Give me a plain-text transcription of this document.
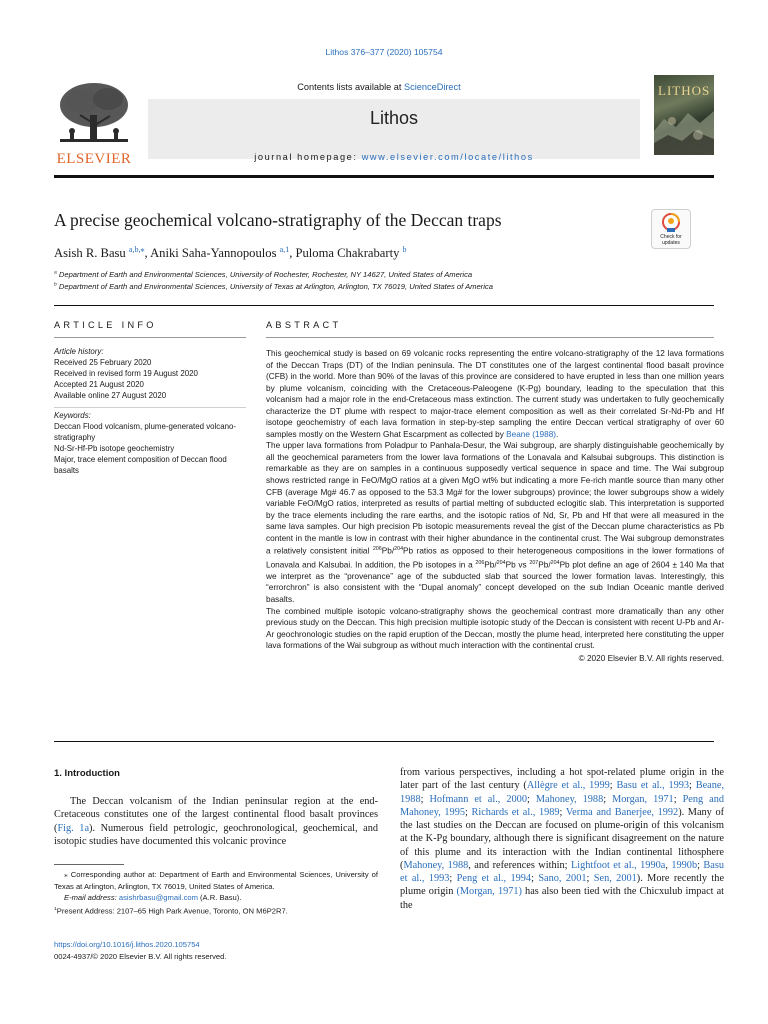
Lithos 376–377 (2020) 105754
ELSEVIER
Contents lists available at ScienceDirect
Lithos
journal homepage: www.elsevier.com/locate/lithos
LITHOS
A precise geochemical volcano-stratigraphy of the Deccan traps
Check for updates
Asish R. Basu $^{a,b,⁎}$, Aniki Saha-Yannopoulos $^{a,1}$, Puloma Chakrabarty $^b$
$^a$ Department of Earth and Environmental Sciences, University of Rochester, Rochester, NY 14627, United States of America
$^b$ Department of Earth and Environmental Sciences, University of Texas at Arlington, Arlington, TX 76019, United States of America
ARTICLE INFO	ABSTRACT
Article history:
Received 25 February 2020
Received in revised form 19 August 2020
Accepted 21 August 2020
Available online 27 August 2020
Keywords:
Deccan Flood volcanism, plume-generated volcano-stratigraphy
Nd-Sr-Hf-Pb isotope geochemistry
Major, trace element composition of Deccan flood basalts

This geochemical study is based on 69 volcanic rocks representing the entire volcano-stratigraphy of the 12 lava formations of the Deccan Traps (DT) of the Indian peninsula. The DT constitutes one of the largest continental flood basalt province (CFB) in the world. More than 90% of the lavas of this province are considered to have erupted in less than one million years by plume volcanism, coinciding with the Cretaceous-Paleogene (K-Pg) boundary, leading to the speculation that this volcanism had a major role in the end-Cretaceous mass extinction. The current study was undertaken to fully geochemically characterize the DT plume with respect to major-trace element composition as well as their correlated Sr-Nd-Pb and Hf isotope geochemistry of each lava formation in step-by-step sampling the entire Deccan vertical stratigraphy of over 60 samples mostly on the Western Ghat Escarpment as collected by Beane (1988).

The upper lava formations from Poladpur to Panhala-Desur, the Wai subgroup, are sharply distinguishable geochemically by all the geochemical parameters from the lower lava formations of the Lonavala and Kalsubai subgroups. This distinction is remarkable as they are on samples in a continuous supposedly vertical sequence in space and time. The Wai subgroup shows restricted range in FeO/MgO ratios at a given MgO wt% but indicating a more Fe-rich mantle source than many other CFB (average Mg# 46.7 as opposed to the 53.3 Mg# for the lower subgroups) province; the lower subgroups show a widely variable FeO/MgO ratios, interpreted as results of partial melting of subducted eclogitic slab. This interpretation is supported by the trace elements including the rare earths, and the isotopic ratios of Nd, Sr, Pb and Hf that were all measured in the same lava samples. Our high precision Pb isotopic measurements reveal the gist of the Deccan plume characteristics as Pb content in the mantle is low in contrast with their higher abundance in the continental crust. The Wai subgroup demonstrates a relatively consistent initial $^{206}$Pb/$^{204}$Pb ratios as opposed to their heterogeneous compositions in the lower formations of Lonavala and Kalsubai. In addition, the Pb isotopes in a $^{206}$Pb/$^{204}$Pb vs $^{207}$Pb/$^{204}$Pb plot define an age of 2604 ± 140 Ma that we interpret as the “provenance” age of the subducted slab that sourced the lower formation lavas. Interestingly, this “errorchron” is also consistent with the “Dupal anomaly” concept developed on the sub Indian Oceanic mantle derived basalts.

The combined multiple isotopic volcano-stratigraphy shows the geochemical contrast more dramatically than any other previous study on the Deccan. This high precision multiple isotopic study of the Deccan is consistent with recent U-Pb and Ar-Ar geochronologic studies on the rapid eruption of the Deccan, mostly the plume head, interpreted here constituting the upper lava formations of the Wai subgroup as without much interaction with the continental crust.

© 2020 Elsevier B.V. All rights reserved.

1. Introduction

The Deccan volcanism of the Indian peninsular region at the end-Cretaceous constitutes one of the largest continental flood basalt provinces (Fig. 1a). Numerous field petrologic, geochronological, geochemical, and isotopic studies have documented this volcanic province

from various perspectives, including a hot spot-related plume origin in the later part of the last century (Allègre et al., 1999; Basu et al., 1993; Beane, 1988; Hofmann et al., 2000; Mahoney, 1988; Morgan, 1971; Peng and Mahoney, 1995; Richards et al., 1989; Verma and Banerjee, 1992). Many of the last studies on the Deccan are focused on plume-origin of this volcanism at the K-Pg boundary, although there is significant disagreement on the nature of this plume and its interaction with the Indian continental lithosphere (Mahoney, 1988, and references within; Lightfoot et al., 1990a, 1990b; Basu et al., 1993; Peng et al., 1994; Sano, 2001; Sen, 2001). More recently the plume origin (Morgan, 1971) has also been tied with the Chicxulub impact at the

⁎ Corresponding author at: Department of Earth and Environmental Sciences, University of Texas at Arlington, Arlington, TX 76019, United States of America.

E-mail address: asishrbasu@gmail.com (A.R. Basu).

$^1$Present Address: 2107–65 High Park Avenue, Toronto, ON M6P2R7.

https://doi.org/10.1016/j.lithos.2020.105754
0024-4937/© 2020 Elsevier B.V. All rights reserved.
